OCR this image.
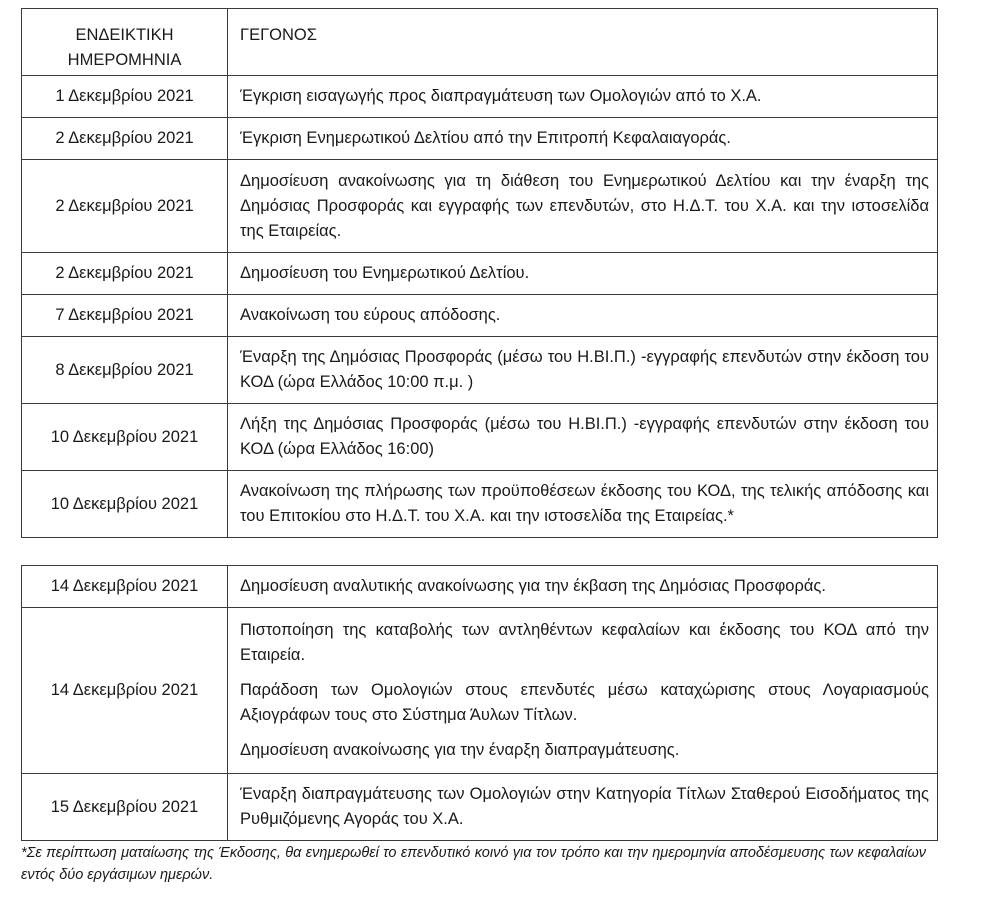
ΕΝΔΕΙΚΤΙΚΗ
ΗΜΕΡΟΜΗΝΙΑ	ΓΕΓΟΝΟΣ
1 Δεκεμβρίου 2021	Έγκριση εισαγωγής προς διαπραγμάτευση των Ομολογιών από το Χ.Α.

2 Δεκεμβρίου 2021	Έγκριση Ενημερωτικού Δελτίου από την Επιτροπή Κεφαλαιαγοράς.

2 Δεκεμβρίου 2021	Δημοσίευση ανακοίνωσης για τη διάθεση του Ενημερωτικού Δελτίου και την έναρξη της Δημόσιας Προσφοράς και εγγραφής των επενδυτών, στο Η.Δ.Τ. του Χ.Α. και την ιστοσελίδα της Εταιρείας.

2 Δεκεμβρίου 2021	Δημοσίευση του Ενημερωτικού Δελτίου.

7 Δεκεμβρίου 2021	Ανακοίνωση του εύρους απόδοσης.

8 Δεκεμβρίου 2021	Έναρξη της Δημόσιας Προσφοράς (μέσω του Η.ΒΙ.Π.) -εγγραφής επενδυτών στην έκδοση του ΚΟΔ (ώρα Ελλάδος 10:00 π.μ. )

10 Δεκεμβρίου 2021	Λήξη της Δημόσιας Προσφοράς (μέσω του Η.ΒΙ.Π.) -εγγραφής επενδυτών στην έκδοση του ΚΟΔ (ώρα Ελλάδος 16:00)

10 Δεκεμβρίου 2021	Ανακοίνωση της πλήρωσης των προϋποθέσεων έκδοσης του ΚΟΔ, της τελικής απόδοσης και του Επιτοκίου στο Η.Δ.Τ. του Χ.Α. και την ιστοσελίδα της Εταιρείας.*
14 Δεκεμβρίου 2021	Δημοσίευση αναλυτικής ανακοίνωσης για την έκβαση της Δημόσιας Προσφοράς.

14 Δεκεμβρίου 2021	Πιστοποίηση της καταβολής των αντληθέντων κεφαλαίων και έκδοσης του ΚΟΔ από την Εταιρεία.
Παράδοση των Ομολογιών στους επενδυτές μέσω καταχώρισης στους Λογαριασμούς Αξιογράφων τους στο Σύστημα Άυλων Τίτλων.
Δημοσίευση ανακοίνωσης για την έναρξη διαπραγμάτευσης.

15 Δεκεμβρίου 2021	Έναρξη διαπραγμάτευσης των Ομολογιών στην Κατηγορία Τίτλων Σταθερού Εισοδήματος της Ρυθμιζόμενης Αγοράς του Χ.Α.
*Σε περίπτωση ματαίωσης της Έκδοσης, θα ενημερωθεί το επενδυτικό κοινό για τον τρόπο και την ημερομηνία αποδέσμευσης των κεφαλαίων εντός δύο εργάσιμων ημερών.
